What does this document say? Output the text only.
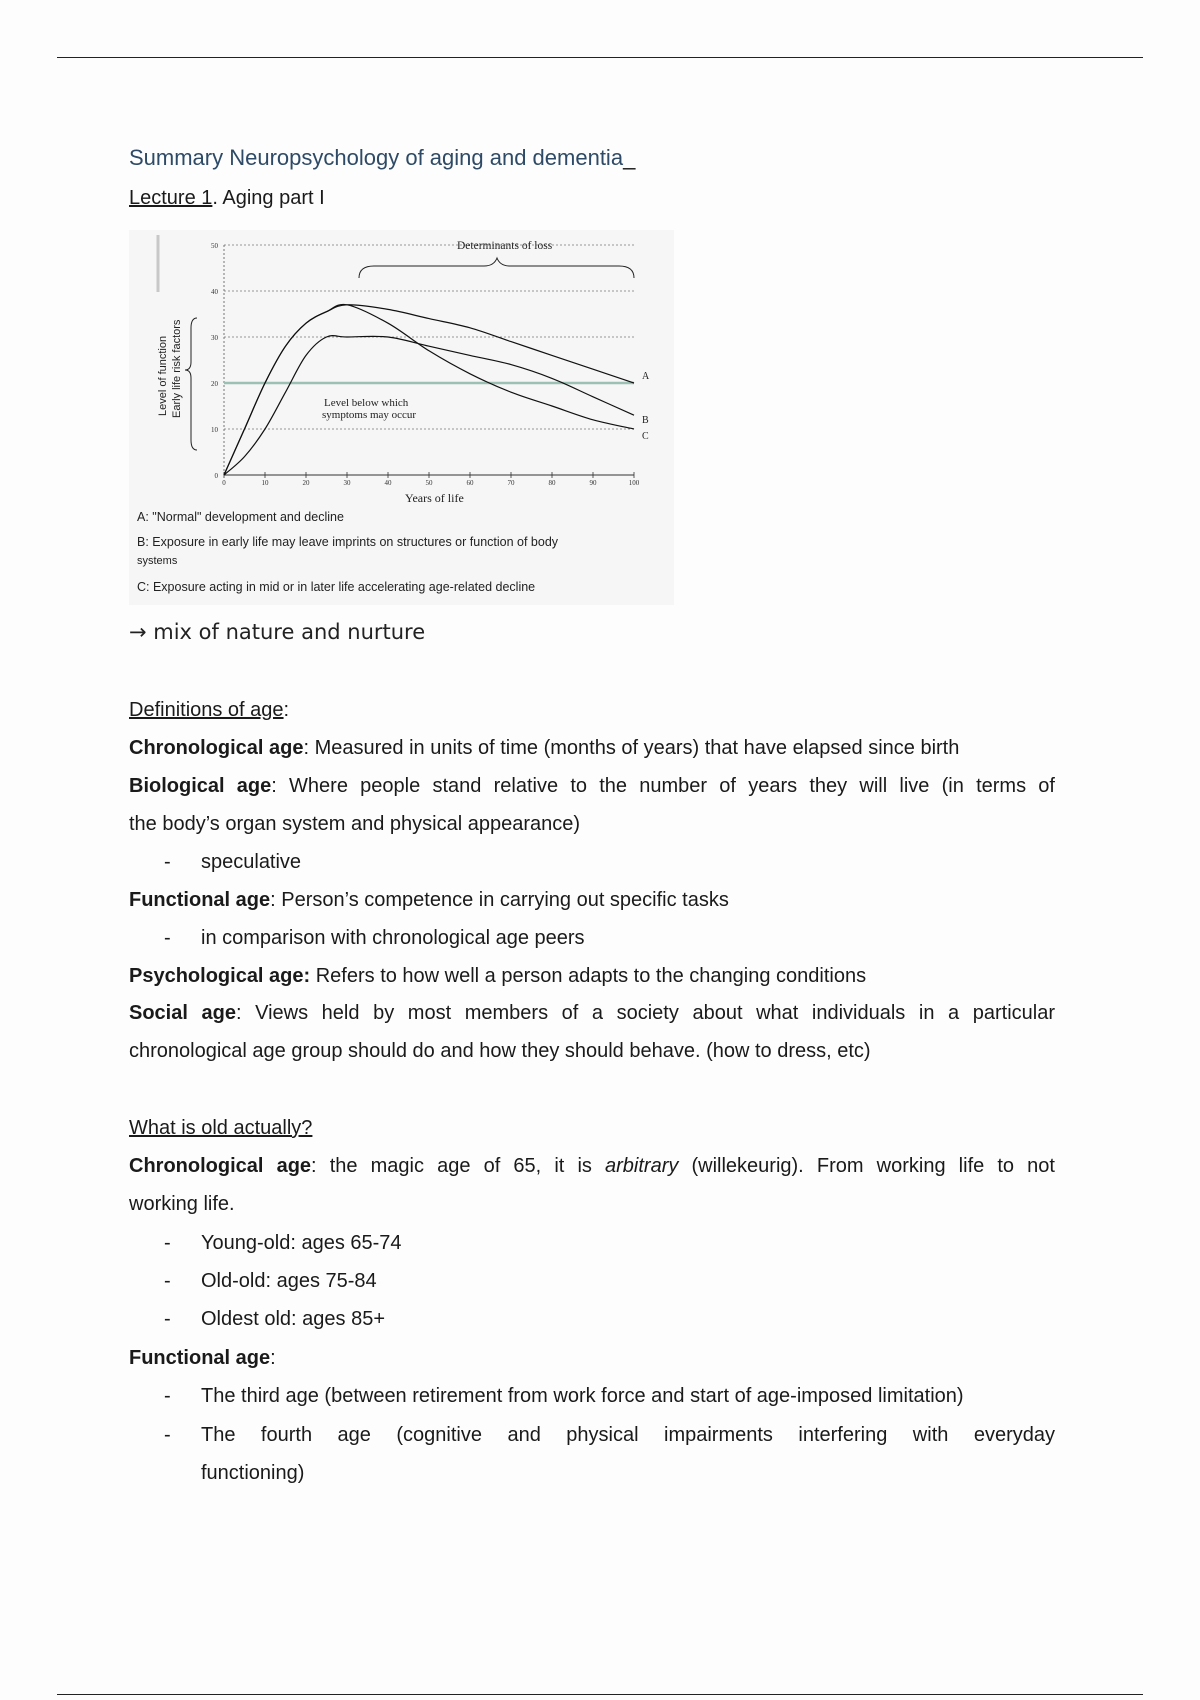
Summary Neuropsychology of aging and dementia_
Lecture 1. Aging part I
Level of function Early life risk factors
0
10
20
30
40
50
0	10	20	30	40	50	60	70	80	90	100
A
B
C
Level below which
symptoms may occur
Determinants of loss
Years of life
A: "Normal" development and decline
B: Exposure in early life may leave imprints on structures or function of body
systems
C: Exposure acting in mid or in later life accelerating age-related decline
→ mix of nature and nurture
Definitions of age:
Chronological age: Measured in units of time (months of years) that have elapsed since birth
Biological age: Where people stand relative to the number of years they will live (in terms of
the body’s organ system and physical appearance)
- speculative
Functional age: Person’s competence in carrying out specific tasks
- in comparison with chronological age peers
Psychological age: Refers to how well a person adapts to the changing conditions
Social age: Views held by most members of a society about what individuals in a particular
chronological age group should do and how they should behave. (how to dress, etc)
What is old actually?
Chronological age: the magic age of 65, it is arbitrary (willekeurig). From working life to not
working life.
- Young-old: ages 65-74
- Old-old: ages 75-84
- Oldest old: ages 85+
Functional age:
- The third age (between retirement from work force and start of age-imposed limitation)
- The fourth age (cognitive and physical impairments interfering with everyday
functioning)
